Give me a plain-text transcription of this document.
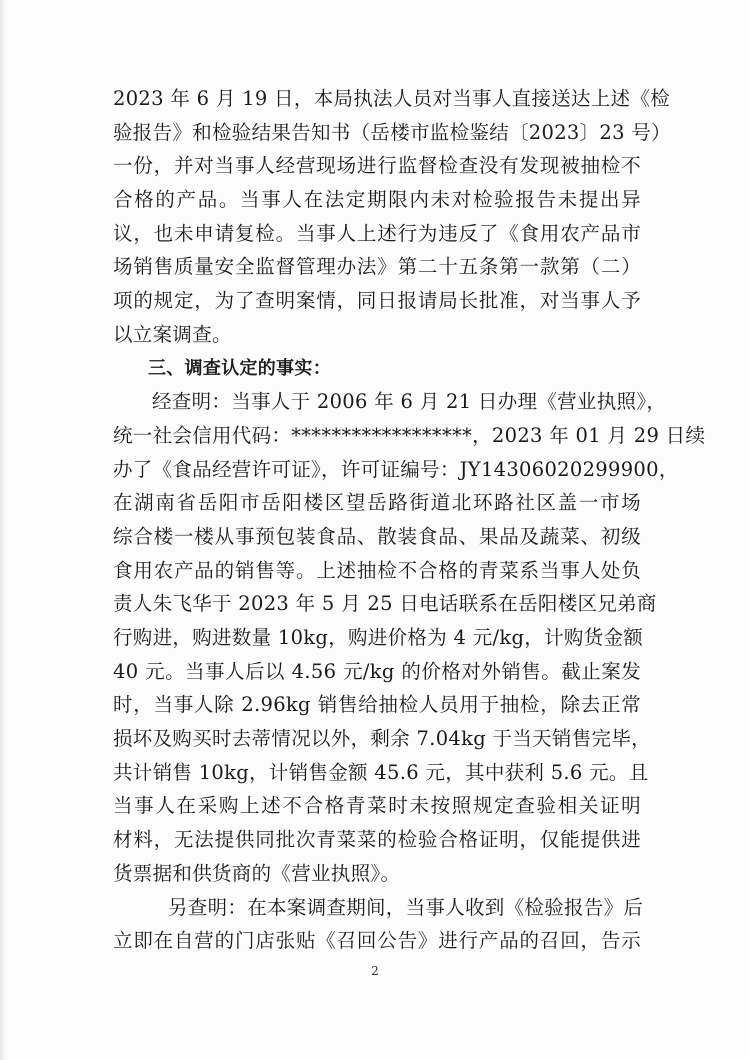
2023 年 6 月 19 日，本局执法人员对当事人直接送达上述《检
验报告》和检验结果告知书（岳楼市监检鉴结〔2023〕23 号）
一份，并对当事人经营现场进行监督检查没有发现被抽检不
合格的产品。当事人在法定期限内未对检验报告未提出异
议，也未申请复检。当事人上述行为违反了《食用农产品市
场销售质量安全监督管理办法》第二十五条第一款第（二）
项的规定，为了查明案情，同日报请局长批准，对当事人予
以立案调查。
三、调查认定的事实：
经查明：当事人于 2006 年 6 月 21 日办理《营业执照》，
统一社会信用代码：******************，2023 年 01 月 29 日续
办了《食品经营许可证》，许可证编号：JY14306020299900，
在湖南省岳阳市岳阳楼区望岳路街道北环路社区盖一市场
综合楼一楼从事预包装食品、散装食品、果品及蔬菜、初级
食用农产品的销售等。上述抽检不合格的青菜系当事人处负
责人朱飞华于 2023 年 5 月 25 日电话联系在岳阳楼区兄弟商
行购进，购进数量 10kg，购进价格为 4 元/kg，计购货金额
40 元。当事人后以 4.56 元/kg 的价格对外销售。截止案发
时，当事人除 2.96kg 销售给抽检人员用于抽检，除去正常
损坏及购买时去蒂情况以外，剩余 7.04kg 于当天销售完毕，
共计销售 10kg，计销售金额 45.6 元，其中获利 5.6 元。且
当事人在采购上述不合格青菜时未按照规定查验相关证明
材料，无法提供同批次青菜菜的检验合格证明，仅能提供进
货票据和供货商的《营业执照》。
另查明：在本案调查期间，当事人收到《检验报告》后
立即在自营的门店张贴《召回公告》进行产品的召回，告示
2
